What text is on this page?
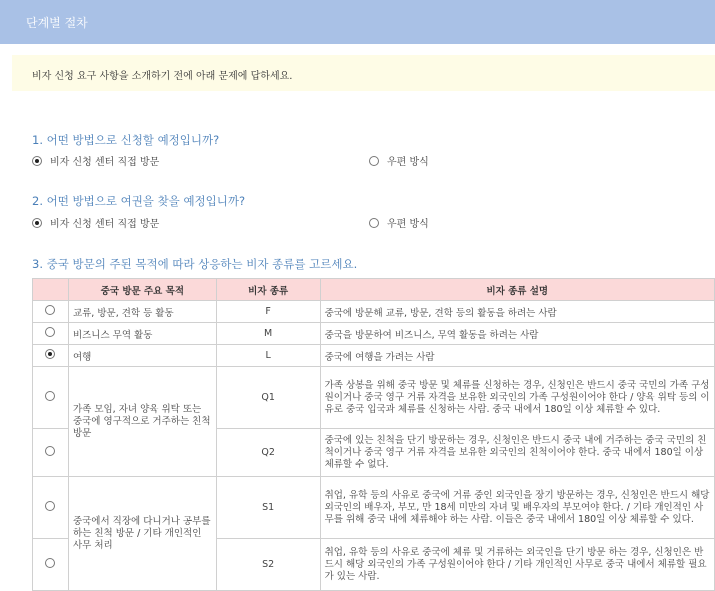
단계별 절차
비자 신청 요구 사항을 소개하기 전에 아래 문제에 답하세요.
1. 어떤 방법으로 신청할 예정입니까?
비자 신청 센터 직접 방문	우편 방식
2. 어떤 방법으로 여권을 찾을 예정입니까?
비자 신청 센터 직접 방문	우편 방식
3. 중국 방문의 주된 목적에 따라 상응하는 비자 종류를 고르세요.
	중국 방문 주요 목적	비자 종류	비자 종류 설명
	교류, 방문, 견학 등 활동	F	중국에 방문해 교류, 방문, 견학 등의 활동을 하려는 사람
	비즈니스 무역 활동	M	중국을 방문하여 비즈니스, 무역 활동을 하려는 사람
	여행	L	중국에 여행을 가려는 사람
	가족 모임, 자녀 양육 위탁 또는 중국에 영구적으로 거주하는 친척 방문	Q1	가족 상봉을 위해 중국 방문 및 체류를 신청하는 경우, 신청인은 반드시 중국 국민의 가족 구성원이거나 중국 영구 거류 자격을 보유한 외국인의 가족 구성원이어야 한다 / 양육 위탁 등의 이유로 중국 입국과 체류를 신청하는 사람. 중국 내에서 180일 이상 체류할 수 있다.
		Q2	중국에 있는 친척을 단기 방문하는 경우, 신청인은 반드시 중국 내에 거주하는 중국 국민의 친척이거나 중국 영구 거류 자격을 보유한 외국인의 친척이어야 한다. 중국 내에서 180일 이상 체류할 수 없다.
	중국에서 직장에 다니거나 공부를 하는 친척 방문 / 기타 개인적인 사무 처리	S1	취업, 유학 등의 사유로 중국에 거류 중인 외국인을 장기 방문하는 경우, 신청인은 반드시 해당 외국인의 배우자, 부모, 만 18세 미만의 자녀 및 배우자의 부모여야 한다. / 기타 개인적인 사무를 위해 중국 내에 체류해야 하는 사람. 이들은 중국 내에서 180일 이상 체류할 수 있다.
		S2	취업, 유학 등의 사유로 중국에 체류 및 거류하는 외국인을 단기 방문 하는 경우, 신청인은 반드시 해당 외국인의 가족 구성원이어야 한다 / 기타 개인적인 사무로 중국 내에서 체류할 필요가 있는 사람.
